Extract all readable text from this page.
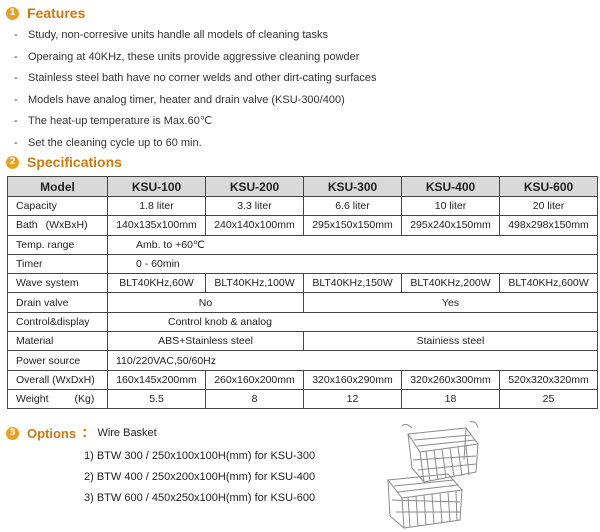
1 Features
- Study, non-corresive units handle all models of cleaning tasks
- Operaing at 40KHz, these units provide aggressive cleaning powder
- Stainless steel bath have no corner welds and other dirt-cating surfaces
- Models have analog timer, heater and drain valve (KSU-300/400)
- The heat-up temperature is Max.60℃
- Set the cleaning cycle up to 60 min.
2 Specifications
Model	KSU-100	KSU-200	KSU-300	KSU-400	KSU-600
Capacity	1.8 liter	3.3 liter	6.6 liter	10 liter	20 liter
Bath (WxBxH)	140x135x100mm	240x140x100mm	295x150x150mm	295x240x150mm	498x298x150mm
Temp. range	Amb. to +60℃				
Timer	0 - 60min				
Wave system	BLT40KHz,60W	BLT40KHz,100W	BLT40KHz,150W	BLT40KHz,200W	BLT40KHz,600W
Drain valve	No		Yes		
Control&display	Control knob & analog				
Material	ABS+Stainless steel		Stainiess steel		
Power source	110/220VAC,50/60Hz				
Overall (WxDxH)	160x145x200mm	260x160x200mm	320x160x290mm	320x260x300mm	520x320x320mm
Weight (Kg)	5.5	8	12	18	25
3 Options : Wire Basket
1) BTW 300 / 250x100x100H(mm) for KSU-300
2) BTW 400 / 250x200x100H(mm) for KSU-400
3) BTW 600 / 450x250x100H(mm) for KSU-600
